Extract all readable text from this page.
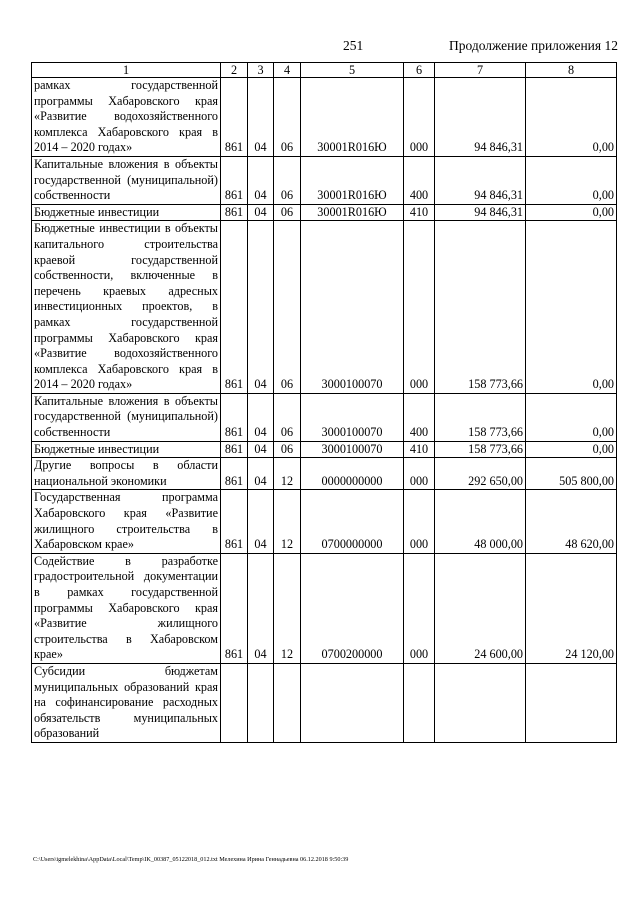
251	Продолжение приложения 12
1	2	3	4	5	6	7	8
рамках государственной программы Хабаровского края «Развитие водохозяйственного комплекса Хабаровского края в 2014 – 2020 годах»	861	04	06	30001R016Ю	000	94 846,31	0,00
Капитальные вложения в объекты государственной (муниципальной) собственности	861	04	06	30001R016Ю	400	94 846,31	0,00
Бюджетные инвестиции	861	04	06	30001R016Ю	410	94 846,31	0,00
Бюджетные инвестиции в объекты капитального строительства краевой государственной собственности, включенные в перечень краевых адресных инвестиционных проектов, в рамках государственной программы Хабаровского края «Развитие водохозяйственного комплекса Хабаровского края в 2014 – 2020 годах»	861	04	06	3000100070	000	158 773,66	0,00
Капитальные вложения в объекты государственной (муниципальной) собственности	861	04	06	3000100070	400	158 773,66	0,00
Бюджетные инвестиции	861	04	06	3000100070	410	158 773,66	0,00
Другие вопросы в области национальной экономики	861	04	12	0000000000	000	292 650,00	505 800,00
Государственная программа Хабаровского края «Развитие жилищного строительства в Хабаровском крае»	861	04	12	0700000000	000	48 000,00	48 620,00
Содействие в разработке градостроительной документации в рамках государственной программы Хабаровского края «Развитие жилищного строительства в Хабаровском крае»	861	04	12	0700200000	000	24 600,00	24 120,00
Субсидии бюджетам муниципальных образований края на софинансирование расходных обязательств муниципальных образований							
C:\Users\igmelekhina\AppData\Local\Temp\IK_00387_05122018_012.txt Мелехина Ирина Геннадьевна 06.12.2018 9:50:39
